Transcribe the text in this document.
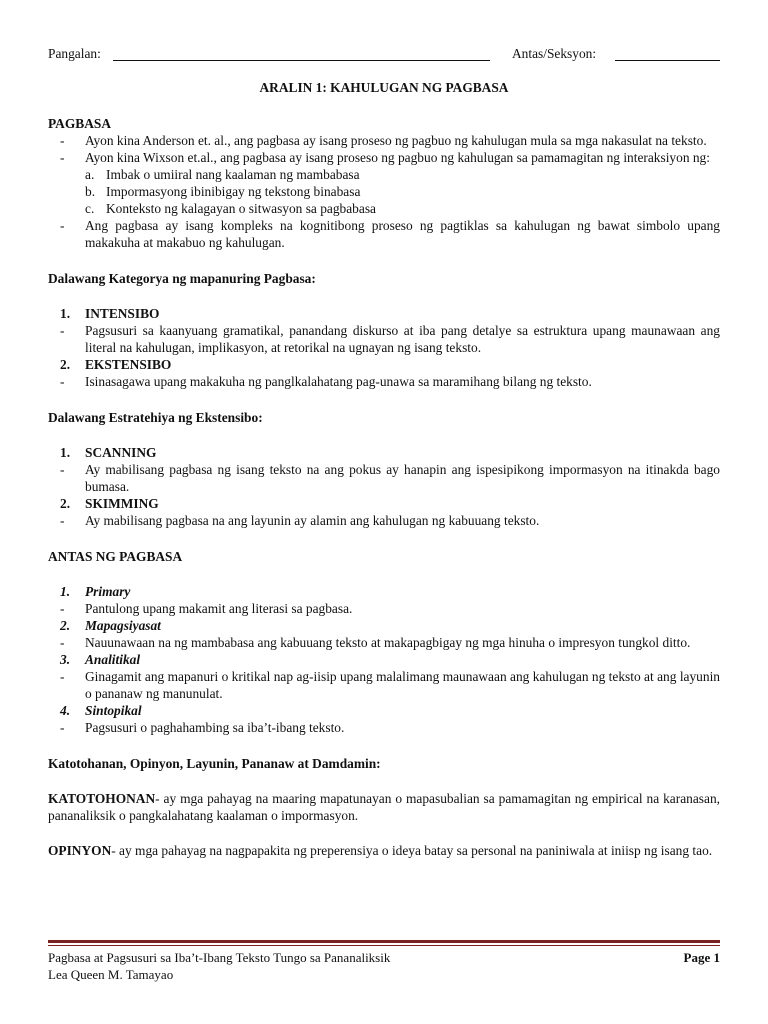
Pangalan:	Antas/Seksyon:

ARALIN 1: KAHULUGAN NG PAGBASA

PAGBASA

- Ayon kina Anderson et. al., ang pagbasa ay isang proseso ng pagbuo ng kahulugan mula sa mga nakasulat na teksto.
- Ayon kina Wixson et.al., ang pagbasa ay isang proseso ng pagbuo ng kahulugan sa pamamagitan ng interaksiyon ng:
a. Imbak o umiiral nang kaalaman ng mambabasa
b. Impormasyong ibinibigay ng tekstong binabasa
c. Konteksto ng kalagayan o sitwasyon sa pagbabasa
- Ang pagbasa ay isang kompleks na kognitibong proseso ng pagtiklas sa kahulugan ng bawat simbolo upang makakuha at makabuo ng kahulugan.

Dalawang Kategorya ng mapanuring Pagbasa:

1. INTENSIBO
- Pagsusuri sa kaanyuang gramatikal, panandang diskurso at iba pang detalye sa estruktura upang maunawaan ang literal na kahulugan, implikasyon, at retorikal na ugnayan ng isang teksto.
2. EKSTENSIBO
- Isinasagawa upang makakuha ng panglkalahatang pag-unawa sa maramihang bilang ng teksto.

Dalawang Estratehiya ng Ekstensibo:

1. SCANNING
- Ay mabilisang pagbasa ng isang teksto na ang pokus ay hanapin ang ispesipikong impormasyon na itinakda bago bumasa.
2. SKIMMING
- Ay mabilisang pagbasa na ang layunin ay alamin ang kahulugan ng kabuuang teksto.

ANTAS NG PAGBASA

1. Primary
- Pantulong upang makamit ang literasi sa pagbasa.
2. Mapagsiyasat
- Nauunawaan na ng mambabasa ang kabuuang teksto at makapagbigay ng mga hinuha o impresyon tungkol ditto.
3. Analitikal
- Ginagamit ang mapanuri o kritikal nap ag-iisip upang malalimang maunawaan ang kahulugan ng teksto at ang layunin o pananaw ng manunulat.
4. Sintopikal
- Pagsusuri o paghahambing sa iba’t-ibang teksto.

Katotohanan, Opinyon, Layunin, Pananaw at Damdamin:

KATOTOHONAN- ay mga pahayag na maaring mapatunayan o mapasubalian sa pamamagitan ng empirical na karanasan, pananaliksik o pangkalahatang kaalaman o impormasyon.

OPINYON- ay mga pahayag na nagpapakita ng preperensiya o ideya batay sa personal na paniniwala at iniisp ng isang tao.

Pagbasa at Pagsusuri sa Iba’t-Ibang Teksto Tungo sa Pananaliksik
Lea Queen M. Tamayao
Page 1
